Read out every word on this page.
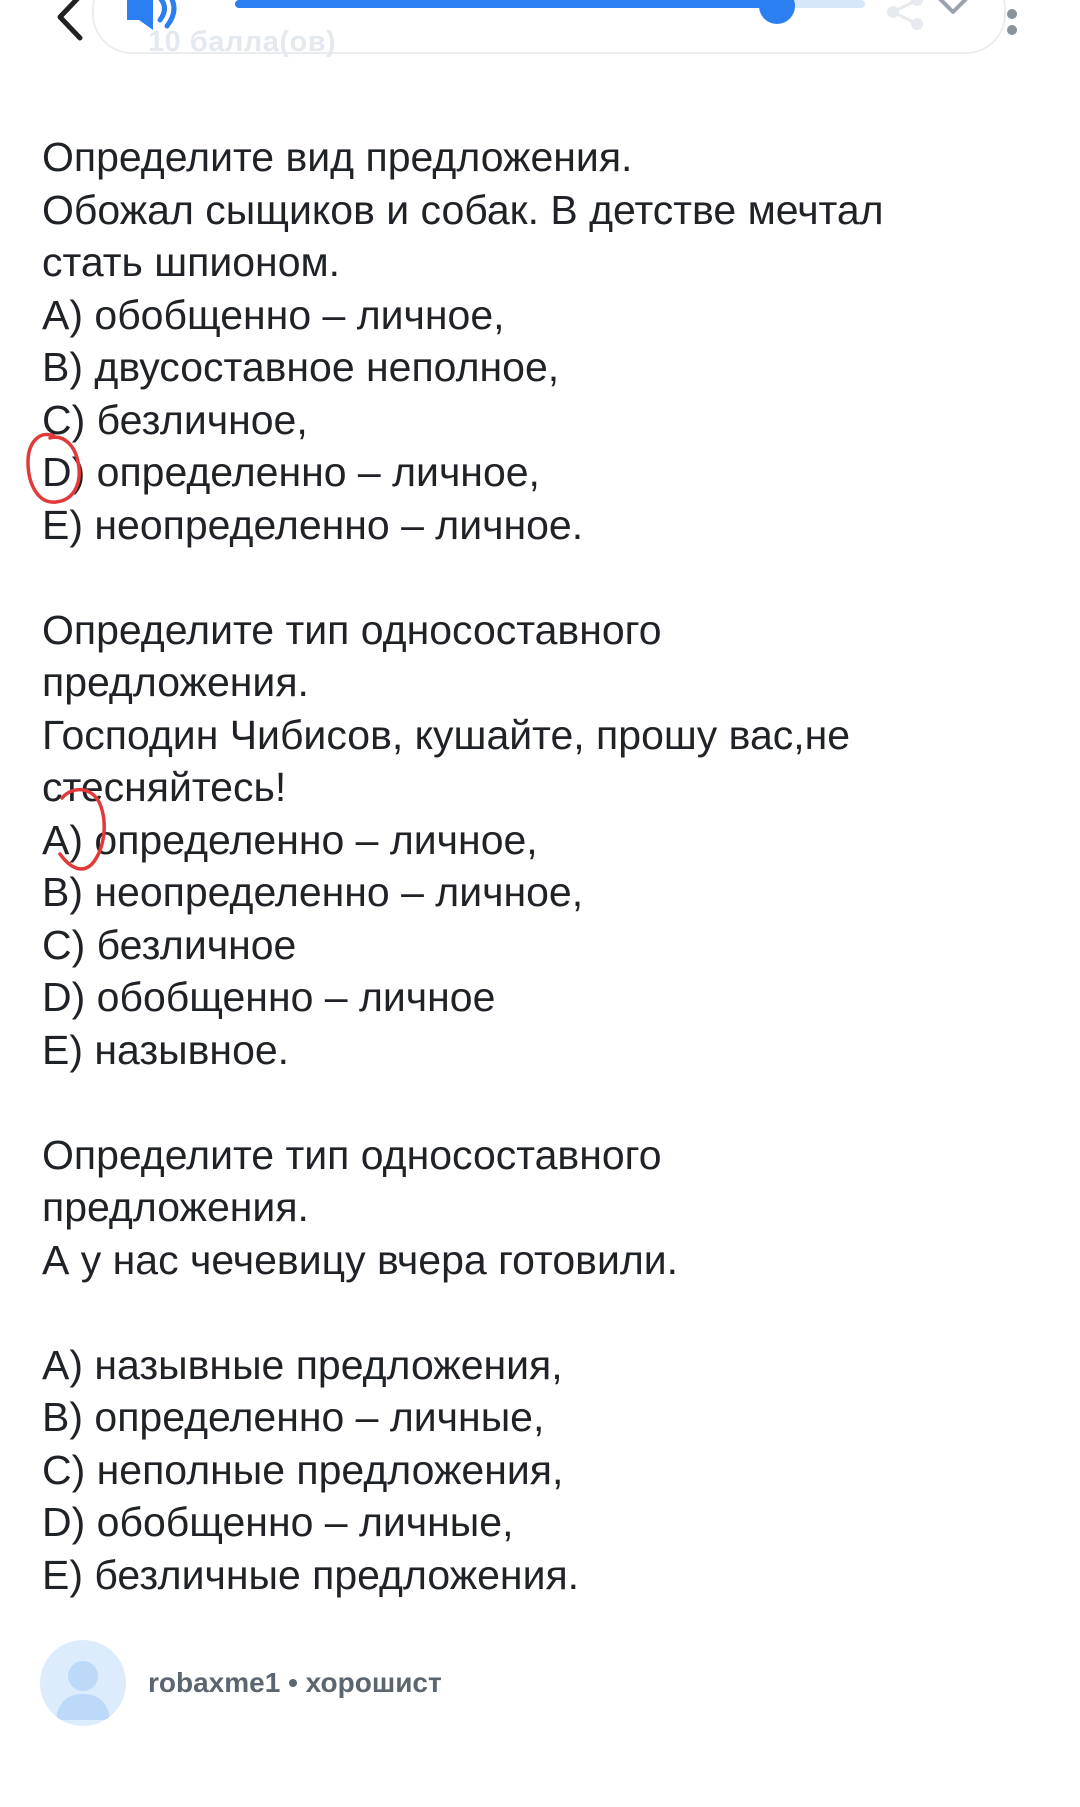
10 балла(ов)
Определите вид предложения.
Обожал сыщиков и собак. В детстве мечтал
стать шпионом.
A) обобщенно – личное,
B) двусоставное неполное,
C) безличное,
D) определенно – личное,
E) неопределенно – личное.
Определите тип односоставного
предложения.
Господин Чибисов, кушайте, прошу вас,не
стесняйтесь!
A) определенно – личное,
B) неопределенно – личное,
C) безличное
D) обобщенно – личное
E) назывное.
Определите тип односоставного
предложения.
А у нас чечевицу вчера готовили.
A) назывные предложения,
B) определенно – личные,
C) неполные предложения,
D) обобщенно – личные,
E) безличные предложения.
robaxme1 • хорошист
